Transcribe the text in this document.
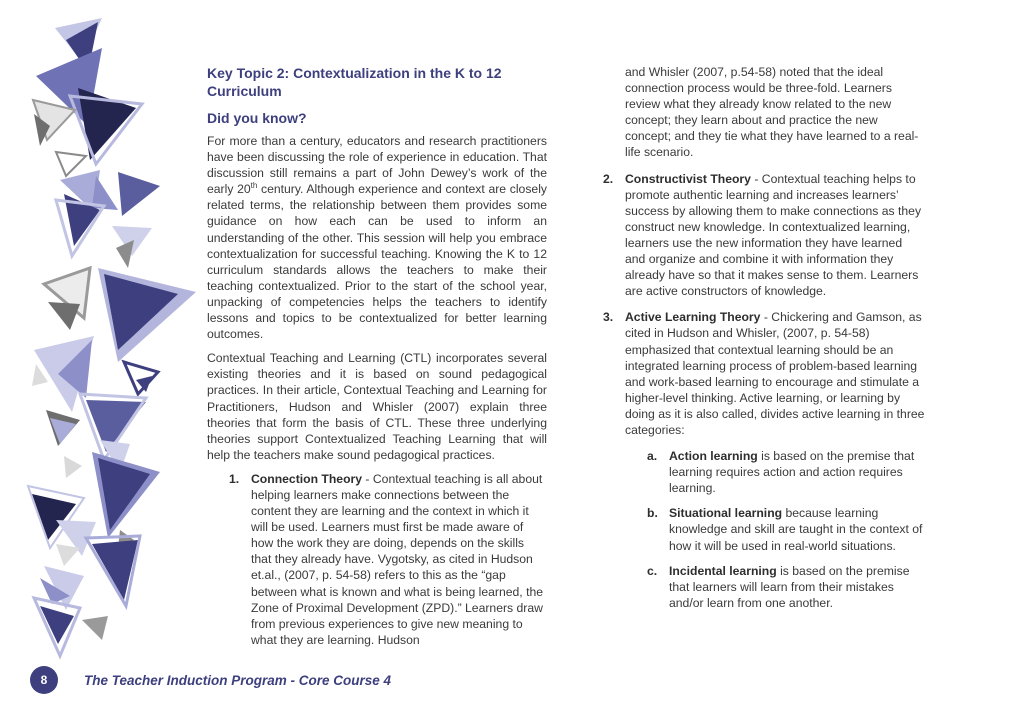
Key Topic 2: Contextualization in the K to 12 Curriculum
Did you know?

For more than a century, educators and research practitioners have been discussing the role of experience in education. That discussion still remains a part of John Dewey’s work of the early 20th century. Although experience and context are closely related terms, the relationship between them provides some guidance on how each can be used to inform an understanding of the other. This session will help you embrace contextualization for successful teaching. Knowing the K to 12 curriculum standards allows the teachers to make their teaching contextualized. Prior to the start of the school year, unpacking of competencies helps the teachers to identify lessons and topics to be contextualized for better learning outcomes.

Contextual Teaching and Learning (CTL) incorporates several existing theories and it is based on sound pedagogical practices. In their article, Contextual Teaching and Learning for Practitioners, Hudson and Whisler (2007) explain three theories that form the basis of CTL. These three underlying theories support Contextualized Teaching Learning that will help the teachers make sound pedagogical practices.

1. Connection Theory - Contextual teaching is all about helping learners make connections between the content they are learning and the context in which it will be used. Learners must first be made aware of how the work they are doing, depends on the skills that they already have. Vygotsky, as cited in Hudson et.al., (2007, p. 54-58) refers to this as the “gap between what is known and what is being learned, the Zone of Proximal Development (ZPD).” Learners draw from previous experiences to give new meaning to what they are learning. Hudson

and Whisler (2007, p.54-58) noted that the ideal connection process would be three-fold. Learners review what they already know related to the new concept; they learn about and practice the new concept; and they tie what they have learned to a real-life scenario.

2. Constructivist Theory - Contextual teaching helps to promote authentic learning and increases learners’ success by allowing them to make connections as they construct new knowledge. In contextualized learning, learners use the new information they have learned and organize and combine it with information they already have so that it makes sense to them. Learners are active constructors of knowledge.
3. Active Learning Theory - Chickering and Gamson, as cited in Hudson and Whisler, (2007, p. 54-58) emphasized that contextual learning should be an integrated learning process of problem-based learning and work-based learning to encourage and stimulate a higher-level thinking. Active learning, or learning by doing as it is also called, divides active learning in three categories:
a. Action learning is based on the premise that learning requires action and action requires learning.
b. Situational learning because learning knowledge and skill are taught in the context of how it will be used in real-world situations.
c. Incidental learning is based on the premise that learners will learn from their mistakes and/or learn from one another.
8	The Teacher Induction Program - Core Course 4
